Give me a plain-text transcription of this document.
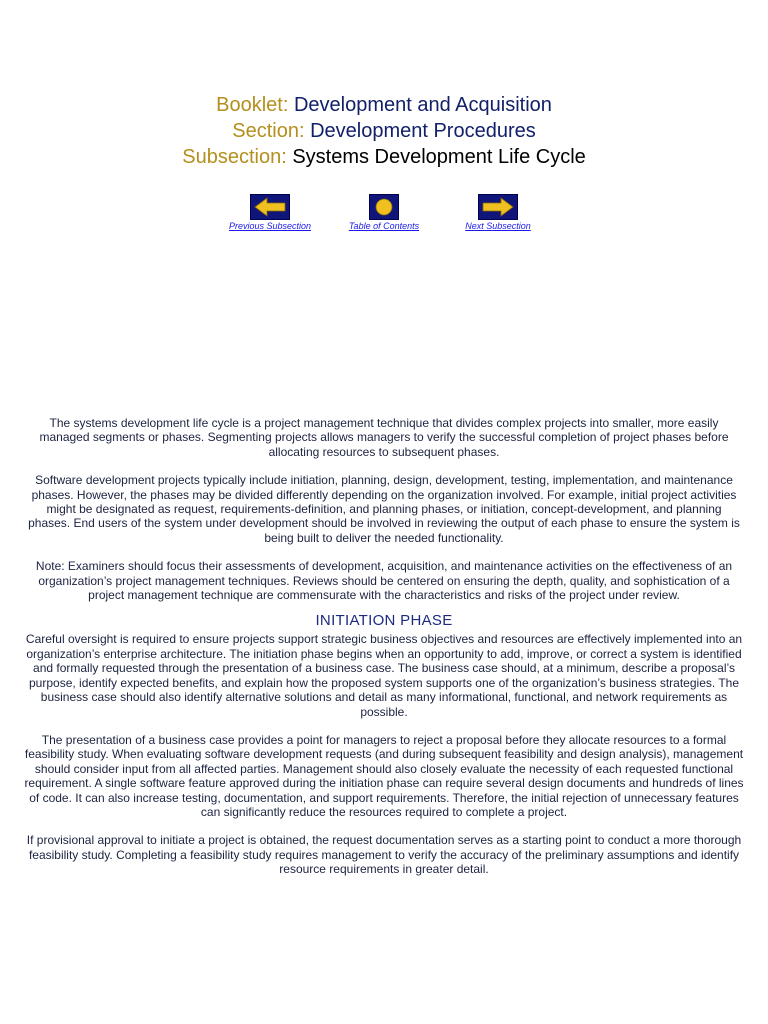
Booklet: Development and Acquisition
Section: Development Procedures
Subsection: Systems Development Life Cycle
Previous Subsection	Table of Contents	Next Subsection

The systems development life cycle is a project management technique that divides complex projects into smaller, more easily managed segments or phases. Segmenting projects allows managers to verify the successful completion of project phases before allocating resources to subsequent phases.

Software development projects typically include initiation, planning, design, development, testing, implementation, and maintenance phases. However, the phases may be divided differently depending on the organization involved. For example, initial project activities might be designated as request, requirements-definition, and planning phases, or initiation, concept-development, and planning phases. End users of the system under development should be involved in reviewing the output of each phase to ensure the system is being built to deliver the needed functionality.

Note: Examiners should focus their assessments of development, acquisition, and maintenance activities on the effectiveness of an organization’s project management techniques. Reviews should be centered on ensuring the depth, quality, and sophistication of a project management technique are commensurate with the characteristics and risks of the project under review.

INITIATION PHASE

Careful oversight is required to ensure projects support strategic business objectives and resources are effectively implemented into an organization’s enterprise architecture. The initiation phase begins when an opportunity to add, improve, or correct a system is identified and formally requested through the presentation of a business case. The business case should, at a minimum, describe a proposal’s purpose, identify expected benefits, and explain how the proposed system supports one of the organization’s business strategies. The business case should also identify alternative solutions and detail as many informational, functional, and network requirements as possible.

The presentation of a business case provides a point for managers to reject a proposal before they allocate resources to a formal feasibility study. When evaluating software development requests (and during subsequent feasibility and design analysis), management should consider input from all affected parties. Management should also closely evaluate the necessity of each requested functional requirement. A single software feature approved during the initiation phase can require several design documents and hundreds of lines of code. It can also increase testing, documentation, and support requirements. Therefore, the initial rejection of unnecessary features can significantly reduce the resources required to complete a project.

If provisional approval to initiate a project is obtained, the request documentation serves as a starting point to conduct a more thorough feasibility study. Completing a feasibility study requires management to verify the accuracy of the preliminary assumptions and identify resource requirements in greater detail.
